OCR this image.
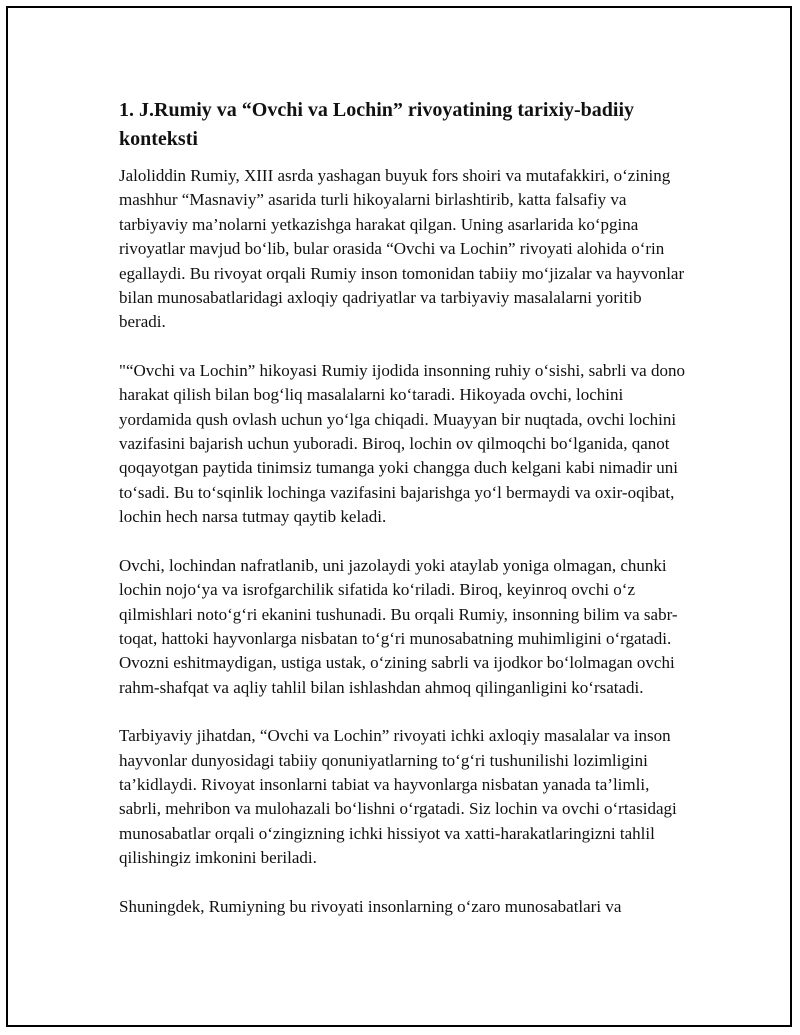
1. J.Rumiy va “Ovchi va Lochin” rivoyatining tarixiy-badiiy konteksti

Jaloliddin Rumiy, XIII asrda yashagan buyuk fors shoiri va mutafakkiri, o‘zining mashhur “Masnaviy” asarida turli hikoyalarni birlashtirib, katta falsafiy va tarbiyaviy ma’nolarni yetkazishga harakat qilgan. Uning asarlarida ko‘pgina rivoyatlar mavjud bo‘lib, bular orasida “Ovchi va Lochin” rivoyati alohida o‘rin egallaydi. Bu rivoyat orqali Rumiy inson tomonidan tabiiy mo‘jizalar va hayvonlar bilan munosabatlaridagi axloqiy qadriyatlar va tarbiyaviy masalalarni yoritib beradi.

"“Ovchi va Lochin” hikoyasi Rumiy ijodida insonning ruhiy o‘sishi, sabrli va dono harakat qilish bilan bog‘liq masalalarni ko‘taradi. Hikoyada ovchi, lochini yordamida qush ovlash uchun yo‘lga chiqadi. Muayyan bir nuqtada, ovchi lochini vazifasini bajarish uchun yuboradi. Biroq, lochin ov qilmoqchi bo‘lganida, qanot qoqayotgan paytida tinimsiz tumanga yoki changga duch kelgani kabi nimadir uni to‘sadi. Bu to‘sqinlik lochinga vazifasini bajarishga yo‘l bermaydi va oxir-oqibat, lochin hech narsa tutmay qaytib keladi.

Ovchi, lochindan nafratlanib, uni jazolaydi yoki ataylab yoniga olmagan, chunki lochin nojo‘ya va isrofgarchilik sifatida ko‘riladi. Biroq, keyinroq ovchi o‘z qilmishlari noto‘g‘ri ekanini tushunadi. Bu orqali Rumiy, insonning bilim va sabr-toqat, hattoki hayvonlarga nisbatan to‘g‘ri munosabatning muhimligini o‘rgatadi. Ovozni eshitmaydigan, ustiga ustak, o‘zining sabrli va ijodkor bo‘lolmagan ovchi rahm-shafqat va aqliy tahlil bilan ishlashdan ahmoq qilinganligini ko‘rsatadi.

Tarbiyaviy jihatdan, “Ovchi va Lochin” rivoyati ichki axloqiy masalalar va inson hayvonlar dunyosidagi tabiiy qonuniyatlarning to‘g‘ri tushunilishi lozimligini ta’kidlaydi. Rivoyat insonlarni tabiat va hayvonlarga nisbatan yanada ta’limli, sabrli, mehribon va mulohazali bo‘lishni o‘rgatadi. Siz lochin va ovchi o‘rtasidagi munosabatlar orqali o‘zingizning ichki hissiyot va xatti-harakatlaringizni tahlil qilishingiz imkonini beriladi.

Shuningdek, Rumiyning bu rivoyati insonlarning o‘zaro munosabatlari va
